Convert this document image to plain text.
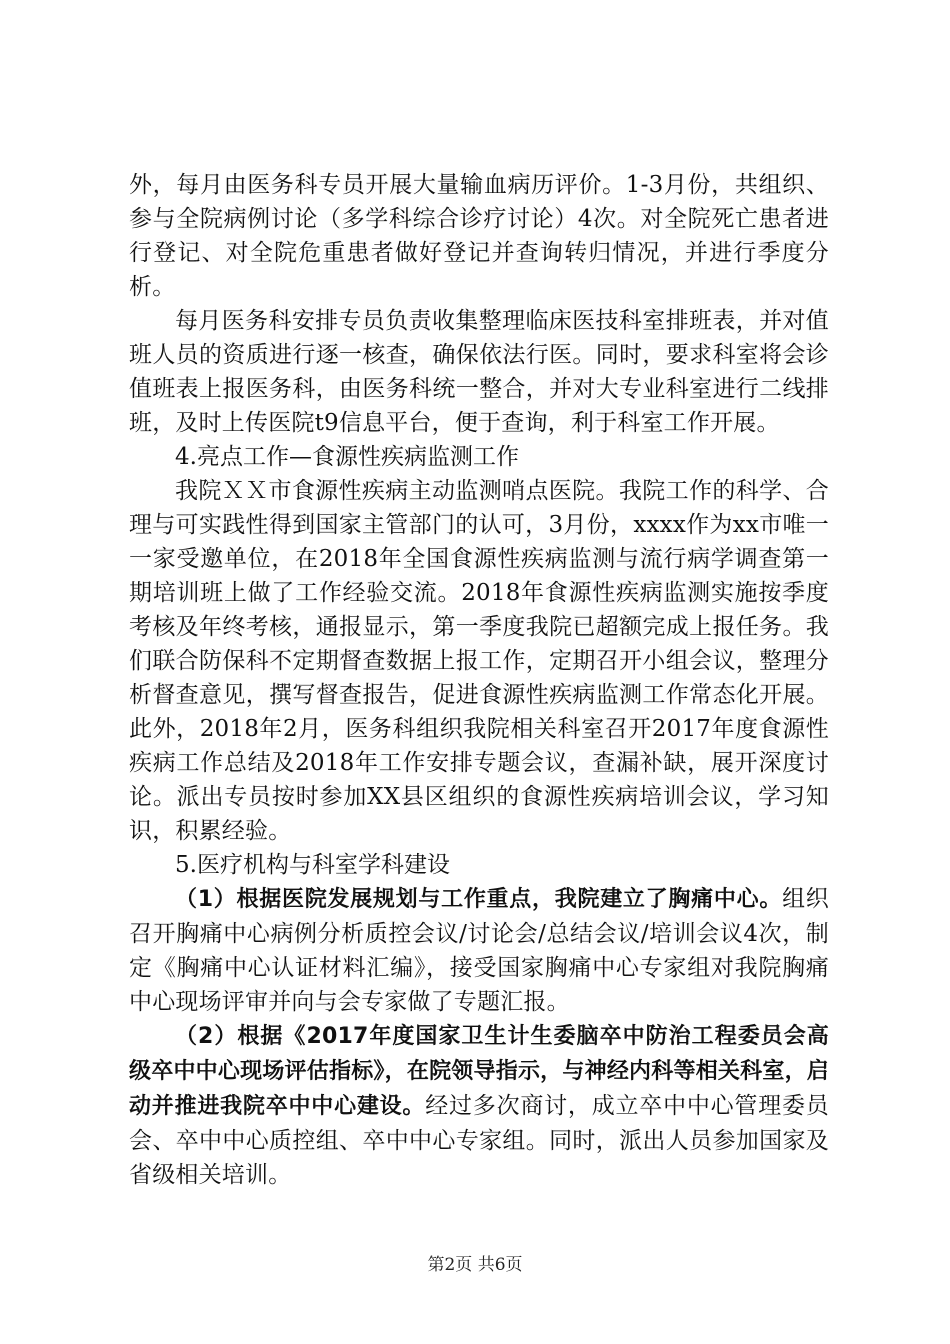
外，每月由医务科专员开展大量输血病历评价。1-3月份，共组织、参与全院病例讨论（多学科综合诊疗讨论）4次。对全院死亡患者进行登记、对全院危重患者做好登记并查询转归情况，并进行季度分析。

每月医务科安排专员负责收集整理临床医技科室排班表，并对值班人员的资质进行逐一核查，确保依法行医。同时，要求科室将会诊值班表上报医务科，由医务科统一整合，并对大专业科室进行二线排班，及时上传医院t9信息平台，便于查询，利于科室工作开展。

4.亮点工作—食源性疾病监测工作

我院ＸＸ市食源性疾病主动监测哨点医院。我院工作的科学、合理与可实践性得到国家主管部门的认可，3月份，xxxx作为xx市唯一一家受邀单位，在2018年全国食源性疾病监测与流行病学调查第一期培训班上做了工作经验交流。2018年食源性疾病监测实施按季度考核及年终考核，通报显示，第一季度我院已超额完成上报任务。我们联合防保科不定期督查数据上报工作，定期召开小组会议，整理分析督查意见，撰写督查报告，促进食源性疾病监测工作常态化开展。此外，2018年2月，医务科组织我院相关科室召开2017年度食源性疾病工作总结及2018年工作安排专题会议，查漏补缺，展开深度讨论。派出专员按时参加XX县区组织的食源性疾病培训会议，学习知识，积累经验。

5.医疗机构与科室学科建设

（1）根据医院发展规划与工作重点，我院建立了胸痛中心。组织召开胸痛中心病例分析质控会议/讨论会/总结会议/培训会议4次，制定《胸痛中心认证材料汇编》，接受国家胸痛中心专家组对我院胸痛中心现场评审并向与会专家做了专题汇报。

（2）根据《2017年度国家卫生计生委脑卒中防治工程委员会高级卒中中心现场评估指标》，在院领导指示，与神经内科等相关科室，启动并推进我院卒中中心建设。经过多次商讨，成立卒中中心管理委员会、卒中中心质控组、卒中中心专家组。同时，派出人员参加国家及省级相关培训。

第2页 共6页
